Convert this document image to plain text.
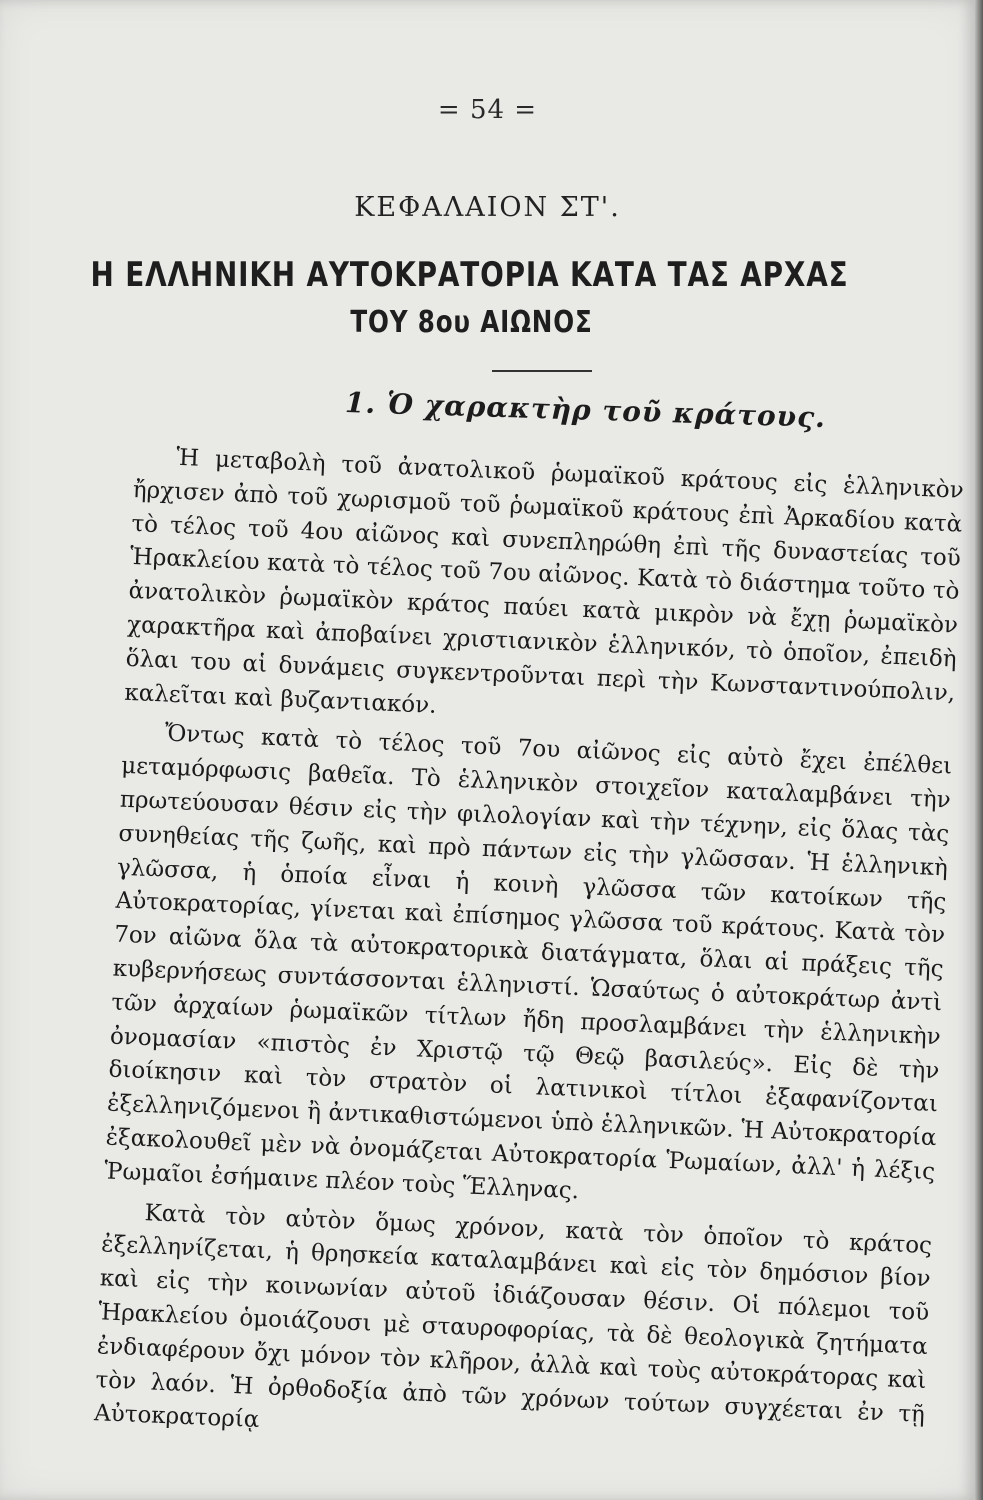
= 54 =
ΚΕΦΑΛΑΙΟΝ ΣΤ'.
Η ΕΛΛΗΝΙΚΗ ΑΥΤΟΚΡΑΤΟΡΙΑ ΚΑΤΑ ΤΑΣ ΑΡΧΑΣ
ΤΟΥ 8ου ΑΙΩΝΟΣ
1. Ὁ χαρακτὴρ τοῦ κράτους.

Ἡ μεταβολὴ τοῦ ἀνατολικοῦ ῥωμαϊκοῦ κράτους εἰς ἑλληνικὸν ἤρχισεν ἀπὸ τοῦ χωρισμοῦ τοῦ ῥωμαϊκοῦ κράτους ἐπὶ Ἀρκαδίου κατὰ τὸ τέλος τοῦ 4ου αἰῶνος καὶ συνεπληρώθη ἐπὶ τῆς δυναστείας τοῦ Ἡρακλείου κατὰ τὸ τέλος τοῦ 7ου αἰῶνος. Κατὰ τὸ διάστημα τοῦτο τὸ ἀνατολικὸν ῥωμαϊκὸν κράτος παύει κατὰ μικρὸν νὰ ἔχῃ ῥωμαϊκὸν χαρακτῆρα καὶ ἀποβαίνει χριστιανικὸν ἑλληνικόν, τὸ ὁποῖον, ἐπειδὴ ὅλαι του αἱ δυνάμεις συγκεντροῦνται περὶ τὴν Κωνσταντινούπολιν, καλεῖται καὶ βυζαντιακόν.

Ὄντως κατὰ τὸ τέλος τοῦ 7ου αἰῶνος εἰς αὐτὸ ἔχει ἐπέλθει μεταμόρφωσις βαθεῖα. Τὸ ἑλληνικὸν στοιχεῖον καταλαμβάνει τὴν πρωτεύουσαν θέσιν εἰς τὴν φιλολογίαν καὶ τὴν τέχνην, εἰς ὅλας τὰς συνηθείας τῆς ζωῆς, καὶ πρὸ πάντων εἰς τὴν γλῶσσαν. Ἡ ἑλληνικὴ γλῶσσα, ἡ ὁποία εἶναι ἡ κοινὴ γλῶσσα τῶν κατοίκων τῆς Αὐτοκρατορίας, γίνεται καὶ ἐπίσημος γλῶσσα τοῦ κράτους. Κατὰ τὸν 7ον αἰῶνα ὅλα τὰ αὐτοκρατορικὰ διατάγματα, ὅλαι αἱ πράξεις τῆς κυβερνήσεως συντάσσονται ἑλληνιστί. Ὡσαύτως ὁ αὐτοκράτωρ ἀντὶ τῶν ἀρχαίων ῥωμαϊκῶν τίτλων ἤδη προσλαμβάνει τὴν ἑλληνικὴν ὀνομασίαν «πιστὸς ἐν Χριστῷ τῷ Θεῷ βασιλεύς». Εἰς δὲ τὴν διοίκησιν καὶ τὸν στρατὸν οἱ λατινικοὶ τίτλοι ἐξαφανίζονται ἐξελληνιζόμενοι ἢ ἀντικαθιστώμενοι ὑπὸ ἑλληνικῶν. Ἡ Αὐτοκρατορία ἐξακολουθεῖ μὲν νὰ ὀνομάζεται Αὐτοκρατορία Ῥωμαίων, ἀλλ' ἡ λέξις Ῥωμαῖοι ἐσήμαινε πλέον τοὺς Ἕλληνας.

Κατὰ τὸν αὐτὸν ὅμως χρόνον, κατὰ τὸν ὁποῖον τὸ κράτος ἐξελληνίζεται, ἡ θρησκεία καταλαμβάνει καὶ εἰς τὸν δημόσιον βίον καὶ εἰς τὴν κοινωνίαν αὐτοῦ ἰδιάζουσαν θέσιν. Οἱ πόλεμοι τοῦ Ἡρακλείου ὁμοιάζουσι μὲ σταυροφορίας, τὰ δὲ θεολογικὰ ζητήματα ἐνδιαφέρουν ὄχι μόνον τὸν κλῆρον, ἀλλὰ καὶ τοὺς αὐτοκράτορας καὶ τὸν λαόν. Ἡ ὀρθοδοξία ἀπὸ τῶν χρόνων τούτων συγχέεται ἐν τῇ Αὐτοκρατορίᾳ
